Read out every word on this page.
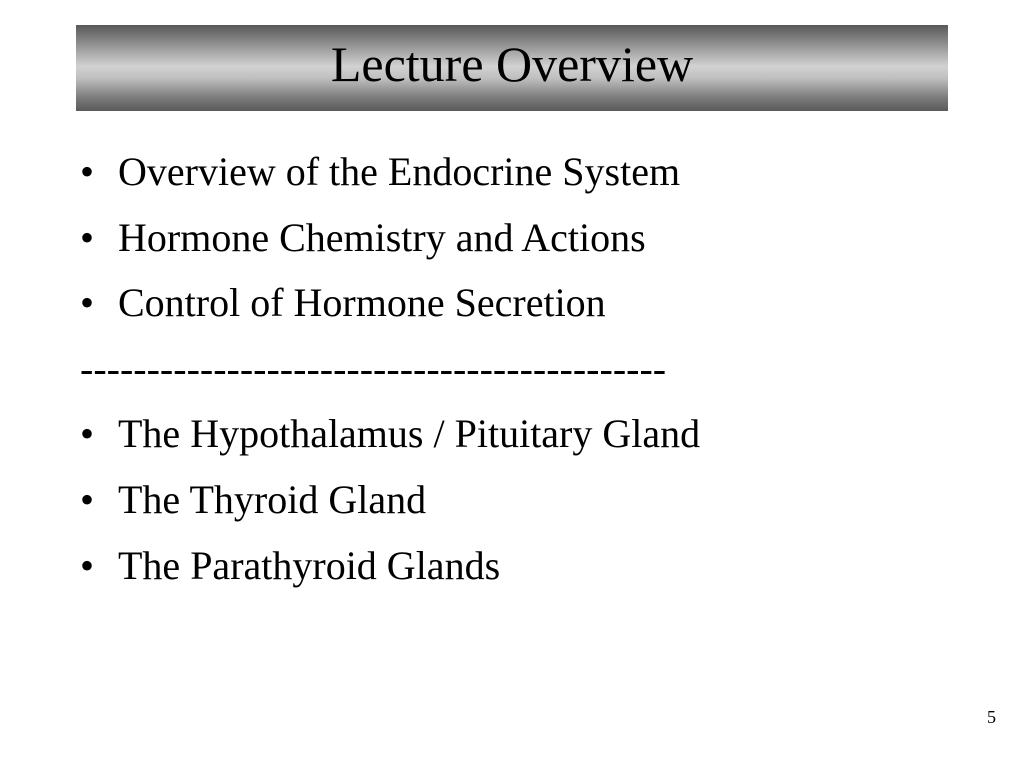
Lecture Overview
• Overview of the Endocrine System
• Hormone Chemistry and Actions
• Control of Hormone Secretion
--------------------------------------------
• The Hypothalamus / Pituitary Gland
• The Thyroid Gland
• The Parathyroid Glands
5
